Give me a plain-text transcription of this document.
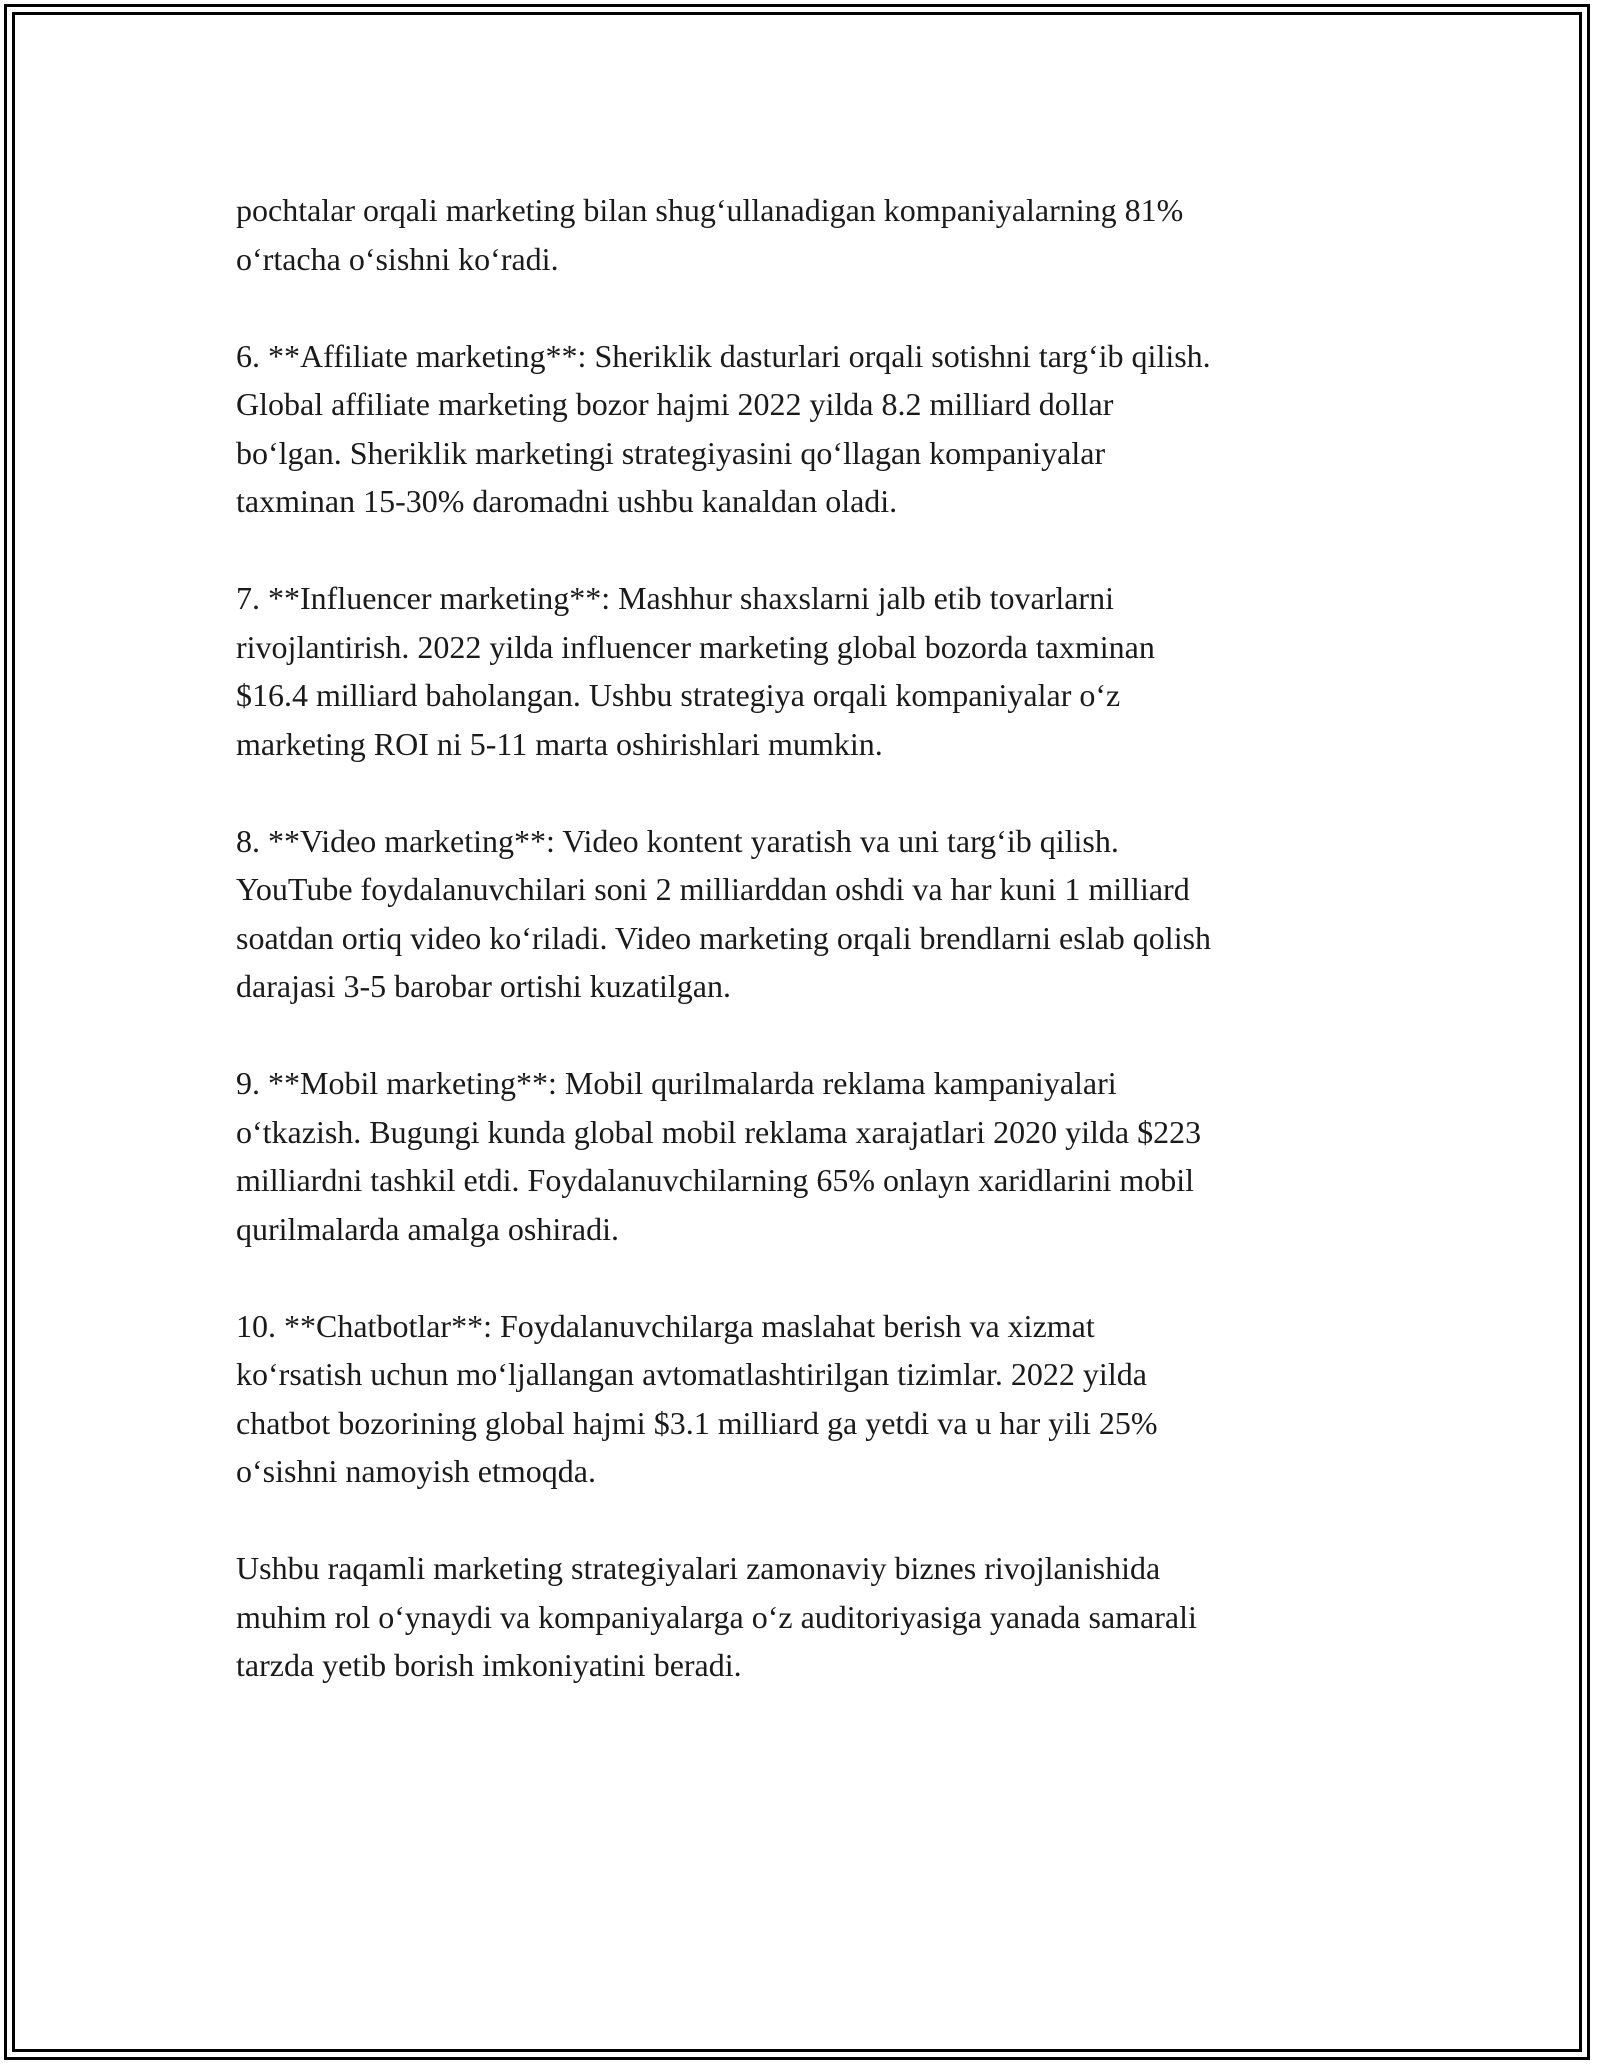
pochtalar orqali marketing bilan shug‘ullanadigan kompaniyalarning 81%
o‘rtacha o‘sishni ko‘radi.

6. **Affiliate marketing**: Sheriklik dasturlari orqali sotishni targ‘ib qilish.
Global affiliate marketing bozor hajmi 2022 yilda 8.2 milliard dollar
bo‘lgan. Sheriklik marketingi strategiyasini qo‘llagan kompaniyalar
taxminan 15-30% daromadni ushbu kanaldan oladi.

7. **Influencer marketing**: Mashhur shaxslarni jalb etib tovarlarni
rivojlantirish. 2022 yilda influencer marketing global bozorda taxminan
$16.4 milliard baholangan. Ushbu strategiya orqali kompaniyalar o‘z
marketing ROI ni 5-11 marta oshirishlari mumkin.

8. **Video marketing**: Video kontent yaratish va uni targ‘ib qilish.
YouTube foydalanuvchilari soni 2 milliarddan oshdi va har kuni 1 milliard
soatdan ortiq video ko‘riladi. Video marketing orqali brendlarni eslab qolish
darajasi 3-5 barobar ortishi kuzatilgan.

9. **Mobil marketing**: Mobil qurilmalarda reklama kampaniyalari
o‘tkazish. Bugungi kunda global mobil reklama xarajatlari 2020 yilda $223
milliardni tashkil etdi. Foydalanuvchilarning 65% onlayn xaridlarini mobil
qurilmalarda amalga oshiradi.

10. **Chatbotlar**: Foydalanuvchilarga maslahat berish va xizmat
ko‘rsatish uchun mo‘ljallangan avtomatlashtirilgan tizimlar. 2022 yilda
chatbot bozorining global hajmi $3.1 milliard ga yetdi va u har yili 25%
o‘sishni namoyish etmoqda.

Ushbu raqamli marketing strategiyalari zamonaviy biznes rivojlanishida
muhim rol o‘ynaydi va kompaniyalarga o‘z auditoriyasiga yanada samarali
tarzda yetib borish imkoniyatini beradi.
